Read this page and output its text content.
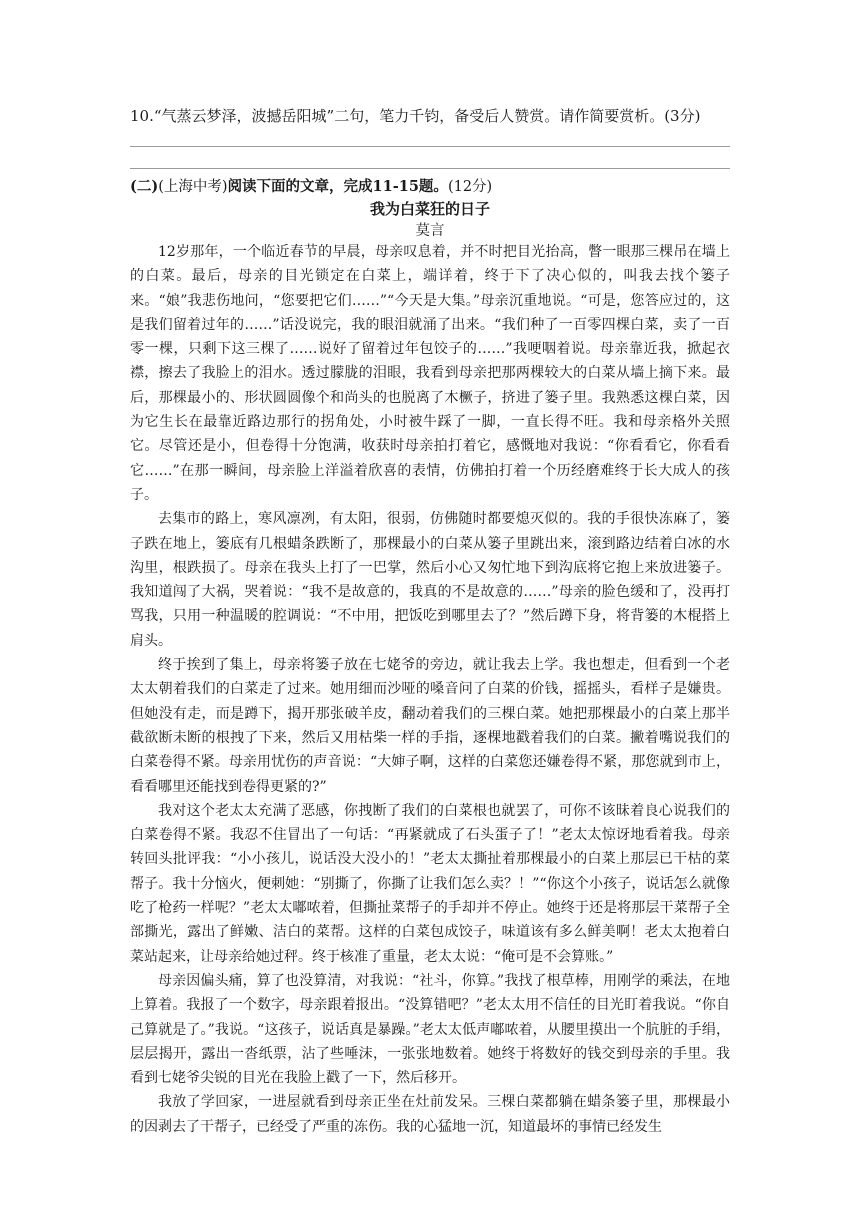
10.“气蒸云梦泽，波撼岳阳城”二句，笔力千钧，备受后人赞赏。请作简要赏析。(3分)
(二)(上海中考)阅读下面的文章，完成11-15题。(12分)
我为白菜狂的日子
莫言

12岁那年，一个临近春节的早晨，母亲叹息着，并不时把目光抬高，瞥一眼那三棵吊在墙上的白菜。最后，母亲的目光锁定在白菜上，端详着，终于下了决心似的，叫我去找个篓子来。“娘”我悲伤地问，“您要把它们……”“今天是大集。”母亲沉重地说。“可是，您答应过的，这是我们留着过年的……”话没说完，我的眼泪就涌了出来。“我们种了一百零四棵白菜，卖了一百零一棵，只剩下这三棵了……说好了留着过年包饺子的……”我哽咽着说。母亲靠近我，掀起衣襟，擦去了我脸上的泪水。透过朦胧的泪眼，我看到母亲把那两棵较大的白菜从墙上摘下来。最后，那棵最小的、形状圆圆像个和尚头的也脱离了木橛子，挤进了篓子里。我熟悉这棵白菜，因为它生长在最靠近路边那行的拐角处，小时被牛踩了一脚，一直长得不旺。我和母亲格外关照它。尽管还是小，但卷得十分饱满，收获时母亲拍打着它，感慨地对我说：“你看看它，你看看它……”在那一瞬间，母亲脸上洋溢着欣喜的表情，仿佛拍打着一个历经磨难终于长大成人的孩子。

去集市的路上，寒风凛冽，有太阳，很弱，仿佛随时都要熄灭似的。我的手很快冻麻了，篓子跌在地上，篓底有几根蜡条跌断了，那棵最小的白菜从篓子里跳出来，滚到路边结着白冰的水沟里，根跌损了。母亲在我头上打了一巴掌，然后小心又匆忙地下到沟底将它抱上来放进篓子。我知道闯了大祸，哭着说：“我不是故意的，我真的不是故意的……”母亲的脸色缓和了，没再打骂我，只用一种温暖的腔调说：“不中用，把饭吃到哪里去了？”然后蹲下身，将背篓的木棍搭上肩头。

终于挨到了集上，母亲将篓子放在七姥爷的旁边，就让我去上学。我也想走，但看到一个老太太朝着我们的白菜走了过来。她用细而沙哑的嗓音问了白菜的价钱，摇摇头，看样子是嫌贵。但她没有走，而是蹲下，揭开那张破羊皮，翻动着我们的三棵白菜。她把那棵最小的白菜上那半截欲断未断的根拽了下来，然后又用枯柴一样的手指，逐棵地戳着我们的白菜。撇着嘴说我们的白菜卷得不紧。母亲用忧伤的声音说：“大婶子啊，这样的白菜您还嫌卷得不紧，那您就到市上，看看哪里还能找到卷得更紧的?”

我对这个老太太充满了恶感，你拽断了我们的白菜根也就罢了，可你不该昧着良心说我们的白菜卷得不紧。我忍不住冒出了一句话：“再紧就成了石头蛋子了！”老太太惊讶地看着我。母亲转回头批评我：“小小孩儿，说话没大没小的！”老太太撕扯着那棵最小的白菜上那层已干枯的菜帮子。我十分恼火，便刺她：“别撕了，你撕了让我们怎么卖？！”“你这个小孩子，说话怎么就像吃了枪药一样呢？”老太太嘟哝着，但撕扯菜帮子的手却并不停止。她终于还是将那层干菜帮子全部撕光，露出了鲜嫩、洁白的菜帮。这样的白菜包成饺子，味道该有多么鲜美啊！老太太抱着白菜站起来，让母亲给她过秤。终于核准了重量，老太太说：“俺可是不会算账。”

母亲因偏头痛，算了也没算清，对我说：“社斗，你算。”我找了根草棒，用刚学的乘法，在地上算着。我报了一个数字，母亲跟着报出。“没算错吧？”老太太用不信任的目光盯着我说。“你自己算就是了。”我说。“这孩子，说话真是暴躁。”老太太低声嘟哝着，从腰里摸出一个肮脏的手绢，层层揭开，露出一沓纸票，沾了些唾沫，一张张地数着。她终于将数好的钱交到母亲的手里。我看到七姥爷尖锐的目光在我脸上戳了一下，然后移开。

我放了学回家，一进屋就看到母亲正坐在灶前发呆。三棵白菜都躺在蜡条篓子里，那棵最小的因剥去了干帮子，已经受了严重的冻伤。我的心猛地一沉，知道最坏的事情已经发生
